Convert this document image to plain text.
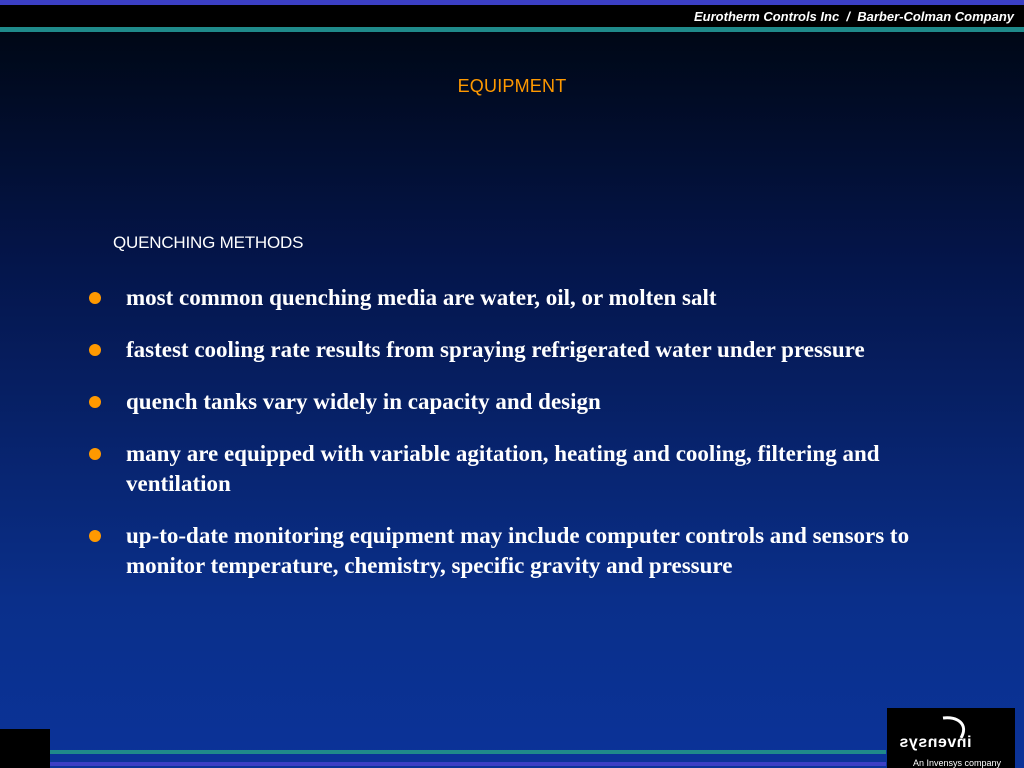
Eurotherm Controls Inc  /  Barber-Colman Company
EQUIPMENT
QUENCHING METHODS
most common quenching media are water, oil, or molten salt
fastest cooling rate results from spraying refrigerated water under pressure
quench tanks vary widely in capacity and design
many are equipped with variable agitation, heating and cooling, filtering and ventilation
up-to-date monitoring equipment may include computer controls and sensors to monitor temperature, chemistry, specific gravity and pressure
invensys
An Invensys company
